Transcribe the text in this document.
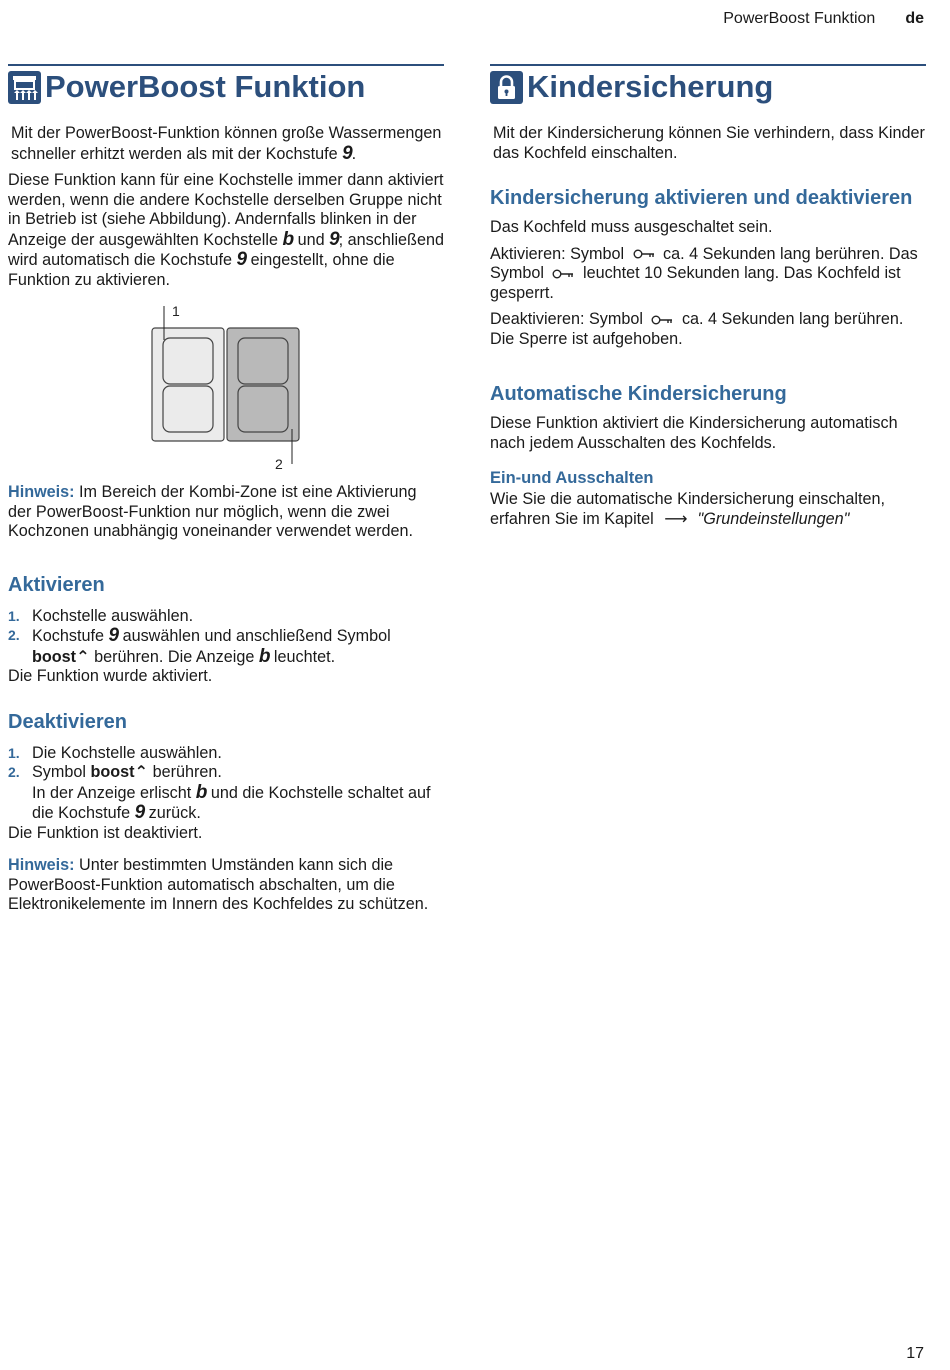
PowerBoost Funktion de
PowerBoost Funktion

Mit der PowerBoost-Funktion können große Wassermengen schneller erhitzt werden als mit der Kochstufe 9.

Diese Funktion kann für eine Kochstelle immer dann aktiviert werden, wenn die andere Kochstelle derselben Gruppe nicht in Betrieb ist (siehe Abbildung). Andernfalls blinken in der Anzeige der ausgewählten Kochstelle b und 9; anschließend wird automatisch die Kochstufe 9 eingestellt, ohne die Funktion zu aktivieren.

1
2

Hinweis: Im Bereich der Kombi-Zone ist eine Aktivierung der PowerBoost-Funktion nur möglich, wenn die zwei Kochzonen unabhängig voneinander verwendet werden.

Aktivieren
1. Kochstelle auswählen.
2. Kochstufe 9 auswählen und anschließend Symbol boost⌃ berühren. Die Anzeige b leuchtet.

Die Funktion wurde aktiviert.

Deaktivieren
1. Die Kochstelle auswählen.
2. Symbol boost⌃ berühren.
In der Anzeige erlischt b und die Kochstelle schaltet auf die Kochstufe 9 zurück.

Die Funktion ist deaktiviert.

Hinweis: Unter bestimmten Umständen kann sich die PowerBoost-Funktion automatisch abschalten, um die Elektronikelemente im Innern des Kochfeldes zu schützen.

Kindersicherung

Mit der Kindersicherung können Sie verhindern, dass Kinder das Kochfeld einschalten.

Kindersicherung aktivieren und deaktivieren

Das Kochfeld muss ausgeschaltet sein.

Aktivieren: Symbol  ca. 4 Sekunden lang berühren. Das Symbol  leuchtet 10 Sekunden lang. Das Kochfeld ist gesperrt.

Deaktivieren: Symbol  ca. 4 Sekunden lang berühren. Die Sperre ist aufgehoben.

Automatische Kindersicherung

Diese Funktion aktiviert die Kindersicherung automatisch nach jedem Ausschalten des Kochfelds.

Ein-und Ausschalten

Wie Sie die automatische Kindersicherung einschalten, erfahren Sie im Kapitel ⟶ "Grundeinstellungen"

17
